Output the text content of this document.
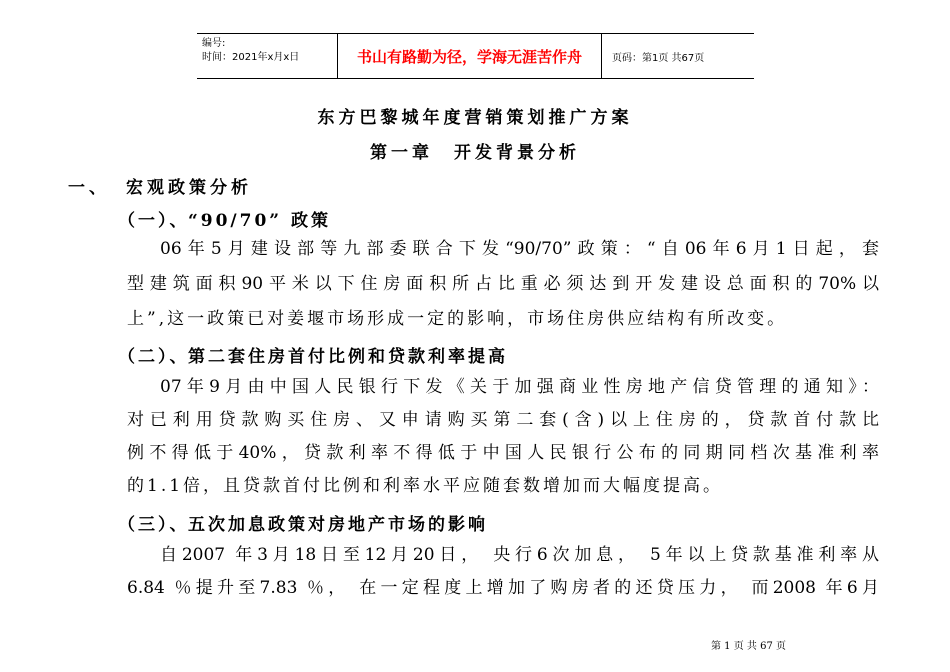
编号:
时间：2021年x月x日	书山有路勤为径，学海无涯苦作舟	页码：第1页 共67页
东方巴黎城年度营销策划推广方案
第一章　开发背景分析
一、 宏观政策分析
（一）、“90/70” 政策
06年5月建设部等九部委联合下发“90/70”政策：“自06年6月1日起，套
型建筑面积90平米以下住房面积所占比重必须达到开发建设总面积的70%以
上”,这一政策已对姜堰市场形成一定的影响，市场住房供应结构有所改变。
（二）、第二套住房首付比例和贷款利率提高
07年9月由中国人民银行下发《关于加强商业性房地产信贷管理的通知》：
对已利用贷款购买住房、又申请购买第二套(含)以上住房的，贷款首付款比
例不得低于40%，贷款利率不得低于中国人民银行公布的同期同档次基准利率
的1.1倍，且贷款首付比例和利率水平应随套数增加而大幅度提高。
（三）、五次加息政策对房地产市场的影响
自2007 年3月18日至12月20日， 央行6次加息， 5年以上贷款基准利率从
6.84 ％提升至7.83 ％， 在一定程度上增加了购房者的还贷压力， 而2008 年6月
第 1 页 共 67 页
